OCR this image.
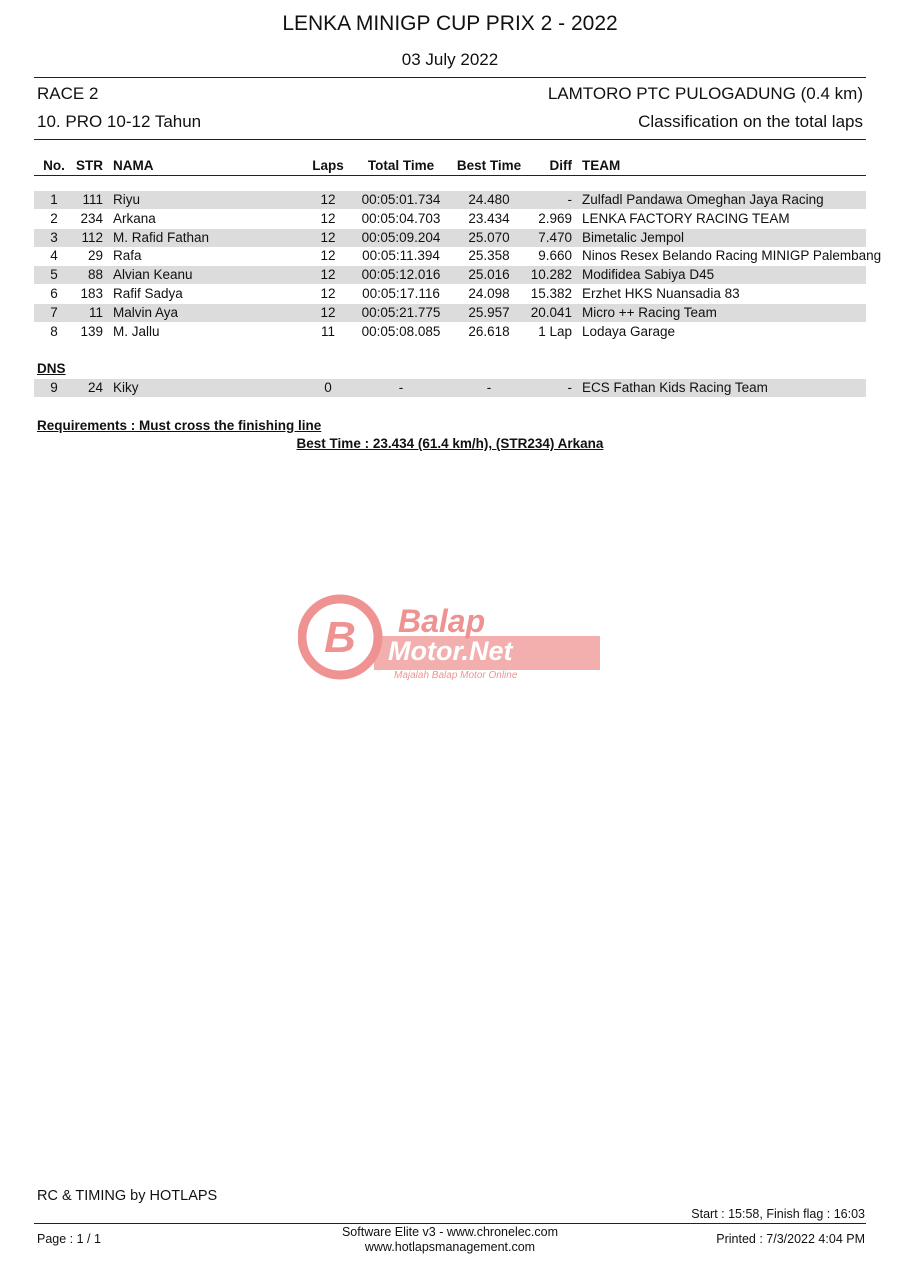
LENKA MINIGP CUP PRIX 2 - 2022
03 July 2022
RACE 2	LAMTORO PTC PULOGADUNG (0.4 km)
10. PRO 10-12 Tahun	Classification on the total laps
No. STR NAMA	Laps	Total Time	Best Time	Diff TEAM
1	111 Riyu	12	00:05:01.734	24.480	- Zulfadl Pandawa Omeghan Jaya Racing
2	234 Arkana	12	00:05:04.703	23.434	2.969 LENKA FACTORY RACING TEAM
3	112 M. Rafid Fathan	12	00:05:09.204	25.070	7.470 Bimetalic Jempol
4	29 Rafa	12	00:05:11.394	25.358	9.660 Ninos Resex Belando Racing MINIGP Palembang
5	88 Alvian Keanu	12	00:05:12.016	25.016	10.282 Modifidea Sabiya D45
6	183 Rafif Sadya	12	00:05:17.116	24.098	15.382 Erzhet HKS Nuansadia 83
7	11 Malvin Aya	12	00:05:21.775	25.957	20.041 Micro ++ Racing Team
8	139 M. Jallu	11	00:05:08.085	26.618	1 Lap Lodaya Garage
DNS
9	24 Kiky	0	-	-	- ECS Fathan Kids Racing Team
Requirements : Must cross the finishing line
Best Time : 23.434 (61.4 km/h), (STR234) Arkana
B Balap
Motor.Net
Majalah Balap Motor Online
RC & TIMING by HOTLAPS
Start : 15:58, Finish flag : 16:03
Page : 1 / 1	Software Elite v3 - www.chronelec.com
www.hotlapsmanagement.com
Printed : 7/3/2022 4:04 PM
